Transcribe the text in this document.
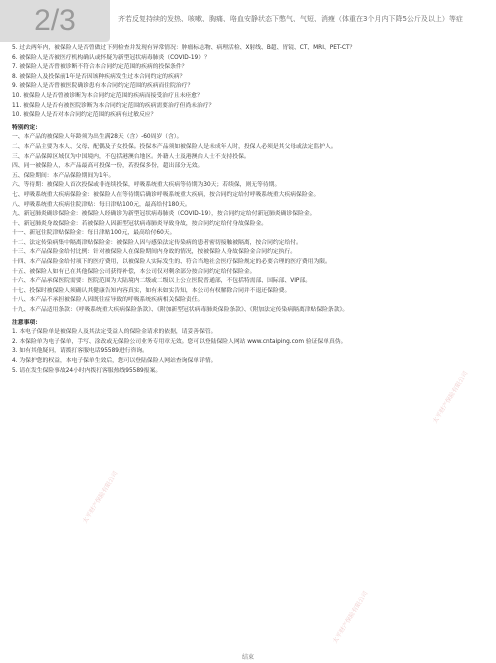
2/3	齐若反复持续的发热、咳嗽、胸痛、咯血安静状态下憋气、气短、消瘦（体重在3个月内下降5公斤及以上）等症
5. 过去两年内，被保险人是否曾做过下列检查并发现有异常情况：肿瘤标志物、病理活检、X射线、B超、胃镜、CT、MRI、PET-CT？
6. 被保险人是否被医疗机构确认或怀疑为新型冠状病毒肺炎（COVID-19）？
7. 被保险人是否曾被诊断不符合本合同约定范围的疾病的投保条件？
8. 被保险人及投保前1年是否因该种疾病发生过本合同约定的疾病？
9. 被保险人是否曾被医院确诊患有本合同约定范围的疾病而住院治疗？
10. 被保险人是否曾被诊断为本合同约定范围的疾病而接受治疗且未痊愈？
11. 被保险人是否有被医院诊断为本合同约定范围的疾病需要治疗但尚未治疗？
10. 被保险人是否对本合同约定范围的疾病有过敏反应？
特别约定：
一、本产品的被保险人年龄须为出生满28天（含）-60周岁（含）。
二、本产品主要为本人、父母、配偶及子女投保。投保本产品须如被保险人是未成年人时，投保人必须是其父母或法定监护人。
三、本产品保障区域仅为中国境内，不包括港澳台地区。外籍人士及港澳台人士不支持投保。
四、同一被保险人，本产品最高可投保一份，若投保多份，超出部分无效。
五、保险期间：本产品保险期间为1年。
六、等待期：被保险人首次投保或非连续投保，呼吸系统重大疾病等待期为30天；若续保，则无等待期。
七、呼吸系统重大疾病保险金：被保险人在等待期后确诊呼吸系统重大疾病，按合同约定给付呼吸系统重大疾病保险金。
八、呼吸系统重大疾病住院津贴：每日津贴100元，最高给付180天。
九、新冠肺炎确诊保险金：被保险人经确诊为新型冠状病毒肺炎（COVID-19），按合同约定给付新冠肺炎确诊保险金。
十、新冠肺炎身故保险金：若被保险人因新型冠状病毒肺炎导致身故，按合同约定给付身故保险金。
十一、新冠住院津贴保险金：每日津贴100元，最高给付60天。
十二、法定传染病集中隔离津贴保险金：被保险人因与感染法定传染病的患者密切接触被隔离，按合同约定给付。
十三、本产品保险金给付比例：针对被保险人在保险期间内身故的情况，按被保险人身故保险金合同约定执行。
十四、本产品保险金给付项下的医疗费用，以被保险人实际发生的、符合当地社会医疗保险规定的必要合理的医疗费用为限。
十五、被保险人如有已在其他保险公司获得补偿，本公司仅对剩余部分按合同约定给付保险金。
十六、本产品承保医院需要：医院范围为大陆境内二级或二级以上公立医院普通部，不包括特需部、国际部、VIP部。
十七、投保时被保险人须确认其健康告知内容真实，如有未如实告知，本公司有权解除合同并不退还保险费。
十八、本产品不承担被保险人因既往症导致的呼吸系统疾病相关保险责任。
十九、本产品适用条款：《呼吸系统重大疾病保险条款》、《附加新型冠状病毒肺炎保险条款》、《附加法定传染病隔离津贴保险条款》。
注意事项：
1. 本电子保险单是被保险人及其法定受益人的保险金请求的依据，请妥善保管。
2. 本保险单为电子保单，手写、涂改或无保险公司业务专用章无效。您可以登陆保险人网站 www.cntaiping.com 验证保单真伪。
3. 如有其他疑问，请拨打客服电话95589进行咨询。
4. 为保护您的权益，本电子保单生效后，您可以登陆保险人网站查询保单详情。
5. 请在发生保险事故24小时内拨打客服热线95589报案。
结束
太平财产保险有限公司
太平财产保险有限公司
太平财产保险有限公司
